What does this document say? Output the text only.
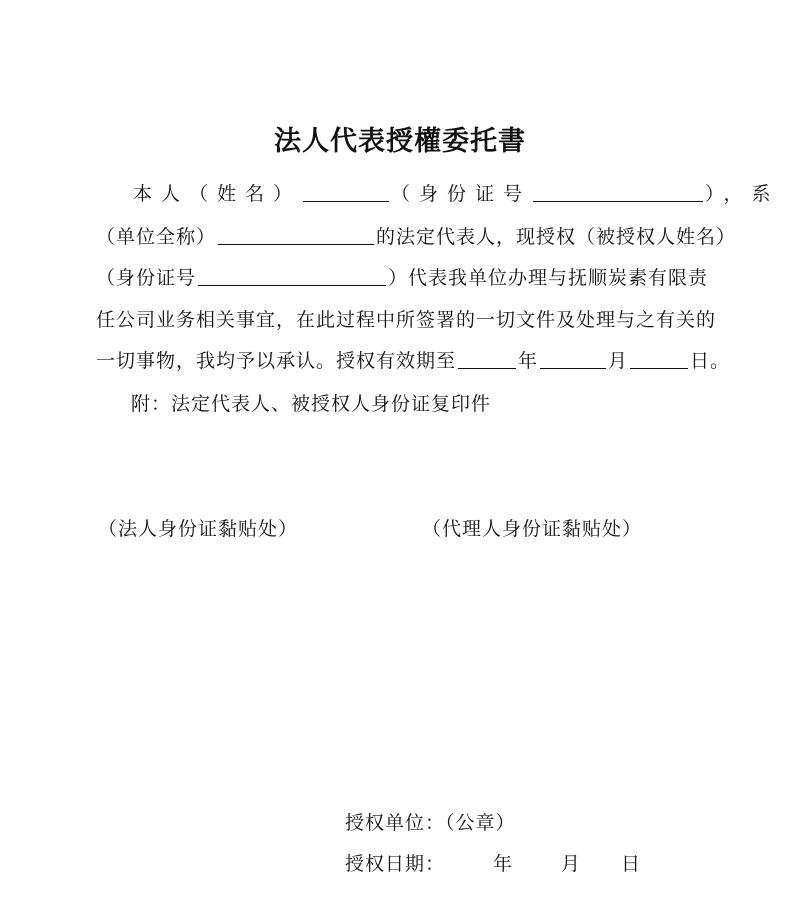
法人代表授權委托書
本人（姓名）	（身份证号	），系
（单位全称）	的法定代表人，现授权（被授权人姓名）
（身份证号	）代表我单位办理与抚顺炭素有限责
任公司业务相关事宜，在此过程中所签署的一切文件及处理与之有关的
一切事物，我均予以承认。授权有效期至	年	月	日。
附：法定代表人、被授权人身份证复印件
（法人身份证黏贴处）	（代理人身份证黏贴处）
授权单位：（公章）
授权日期：	年	月 日
